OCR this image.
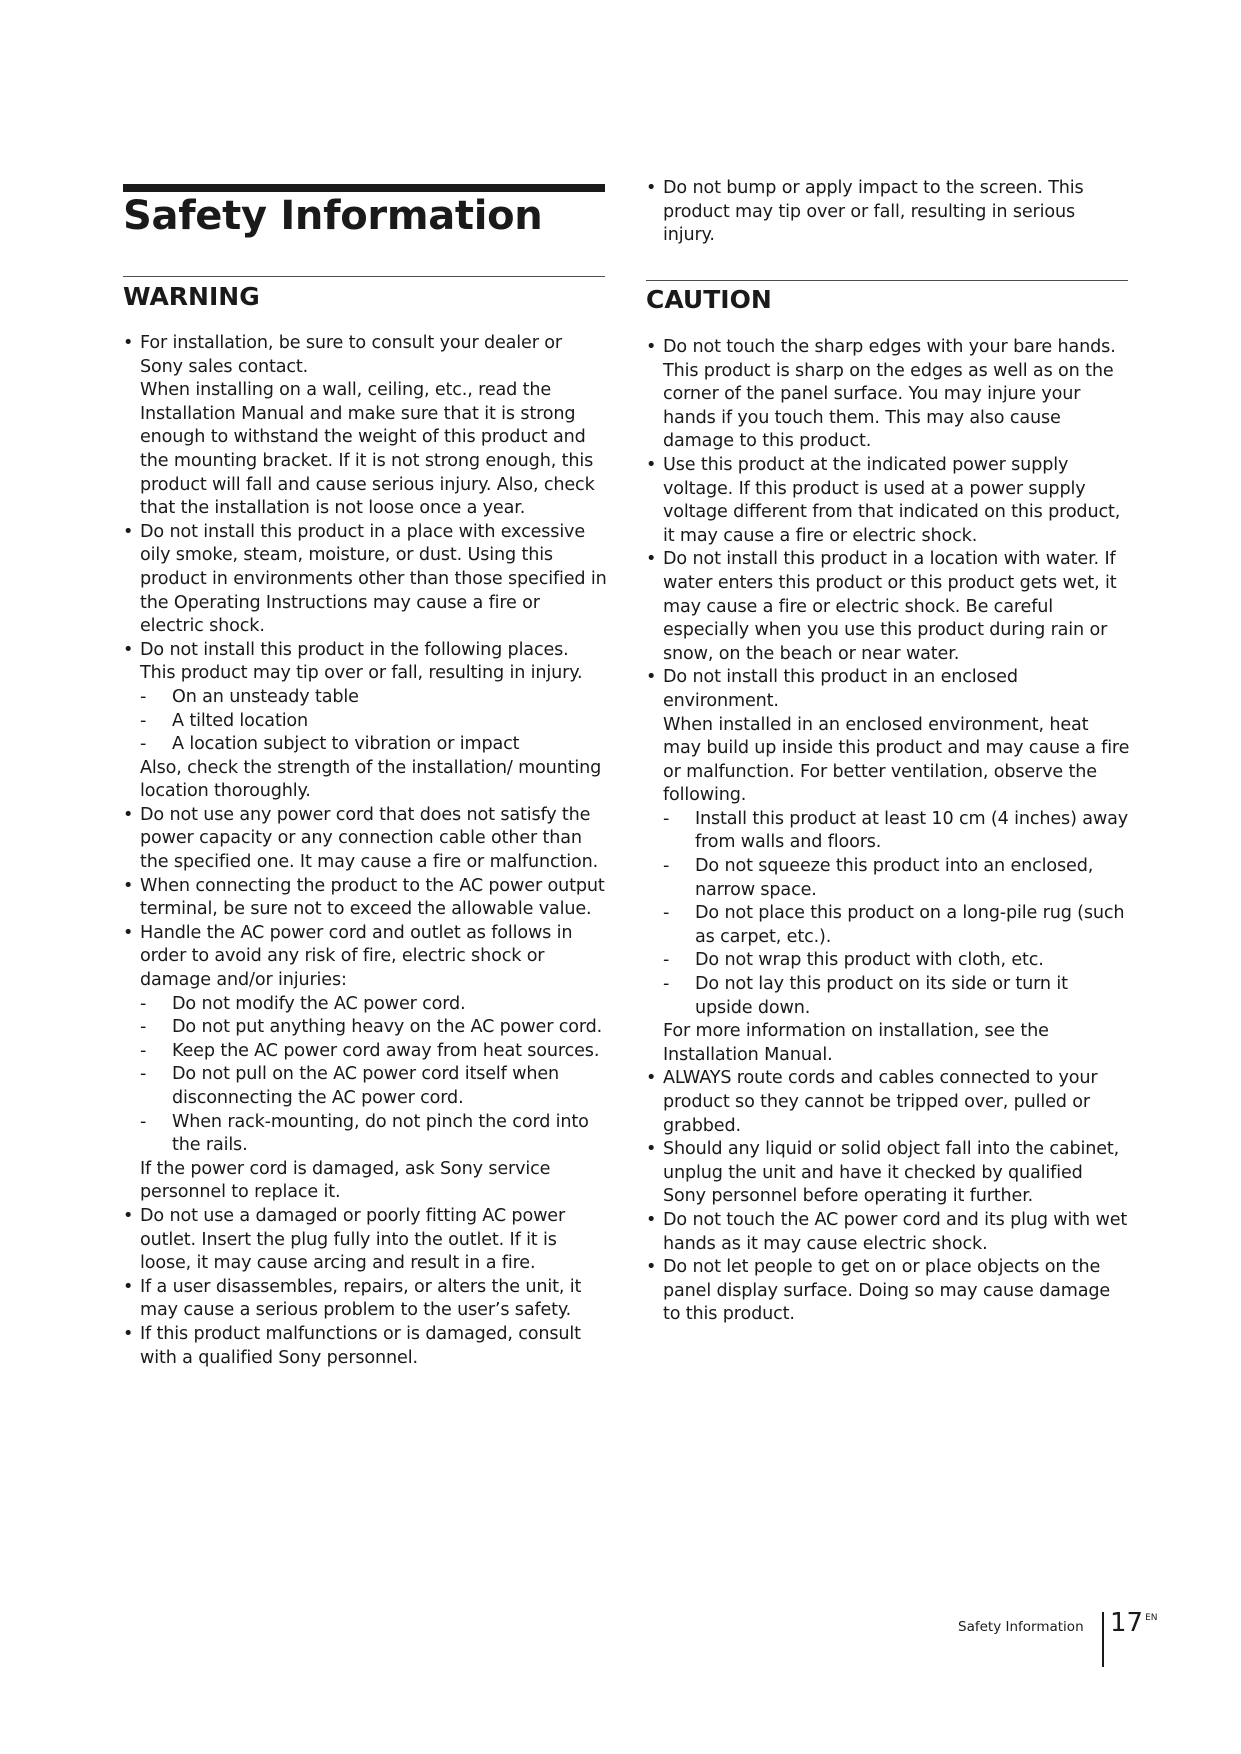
Safety Information
WARNING
• For installation, be sure to consult your dealer or Sony sales contact.
When installing on a wall, ceiling, etc., read the Installation Manual and make sure that it is strong enough to withstand the weight of this product and the mounting bracket. If it is not strong enough, this product will fall and cause serious injury. Also, check that the installation is not loose once a year.
• Do not install this product in a place with excessive oily smoke, steam, moisture, or dust. Using this product in environments other than those specified in the Operating Instructions may cause a fire or electric shock.
• Do not install this product in the following places. This product may tip over or fall, resulting in injury.
-	On an unsteady table
-	A tilted location
-	A location subject to vibration or impact
Also, check the strength of the installation/ mounting location thoroughly.
• Do not use any power cord that does not satisfy the power capacity or any connection cable other than the specified one. It may cause a fire or malfunction.
• When connecting the product to the AC power output terminal, be sure not to exceed the allowable value.
• Handle the AC power cord and outlet as follows in order to avoid any risk of fire, electric shock or damage and/or injuries:
-	Do not modify the AC power cord.
-	Do not put anything heavy on the AC power cord.
-	Keep the AC power cord away from heat sources.
-	Do not pull on the AC power cord itself when disconnecting the AC power cord.
-	When rack-mounting, do not pinch the cord into the rails.
If the power cord is damaged, ask Sony service personnel to replace it.
• Do not use a damaged or poorly fitting AC power outlet. Insert the plug fully into the outlet. If it is loose, it may cause arcing and result in a fire.
• If a user disassembles, repairs, or alters the unit, it may cause a serious problem to the user’s safety.
• If this product malfunctions or is damaged, consult with a qualified Sony personnel.
• Do not bump or apply impact to the screen. This product may tip over or fall, resulting in serious injury.
CAUTION
• Do not touch the sharp edges with your bare hands.
This product is sharp on the edges as well as on the corner of the panel surface. You may injure your hands if you touch them. This may also cause damage to this product.
• Use this product at the indicated power supply voltage. If this product is used at a power supply voltage different from that indicated on this product, it may cause a fire or electric shock.
• Do not install this product in a location with water. If water enters this product or this product gets wet, it may cause a fire or electric shock. Be careful especially when you use this product during rain or snow, on the beach or near water.
• Do not install this product in an enclosed environment.
When installed in an enclosed environment, heat may build up inside this product and may cause a fire or malfunction. For better ventilation, observe the following.
-	Install this product at least 10 cm (4 inches) away from walls and floors.
-	Do not squeeze this product into an enclosed, narrow space.
-	Do not place this product on a long-pile rug (such as carpet, etc.).
-	Do not wrap this product with cloth, etc.
-	Do not lay this product on its side or turn it upside down.
For more information on installation, see the Installation Manual.
• ALWAYS route cords and cables connected to your product so they cannot be tripped over, pulled or grabbed.
• Should any liquid or solid object fall into the cabinet, unplug the unit and have it checked by qualified Sony personnel before operating it further.
• Do not touch the AC power cord and its plug with wet hands as it may cause electric shock.
• Do not let people to get on or place objects on the panel display surface. Doing so may cause damage to this product.
Safety Information 17 $^{EN}$
